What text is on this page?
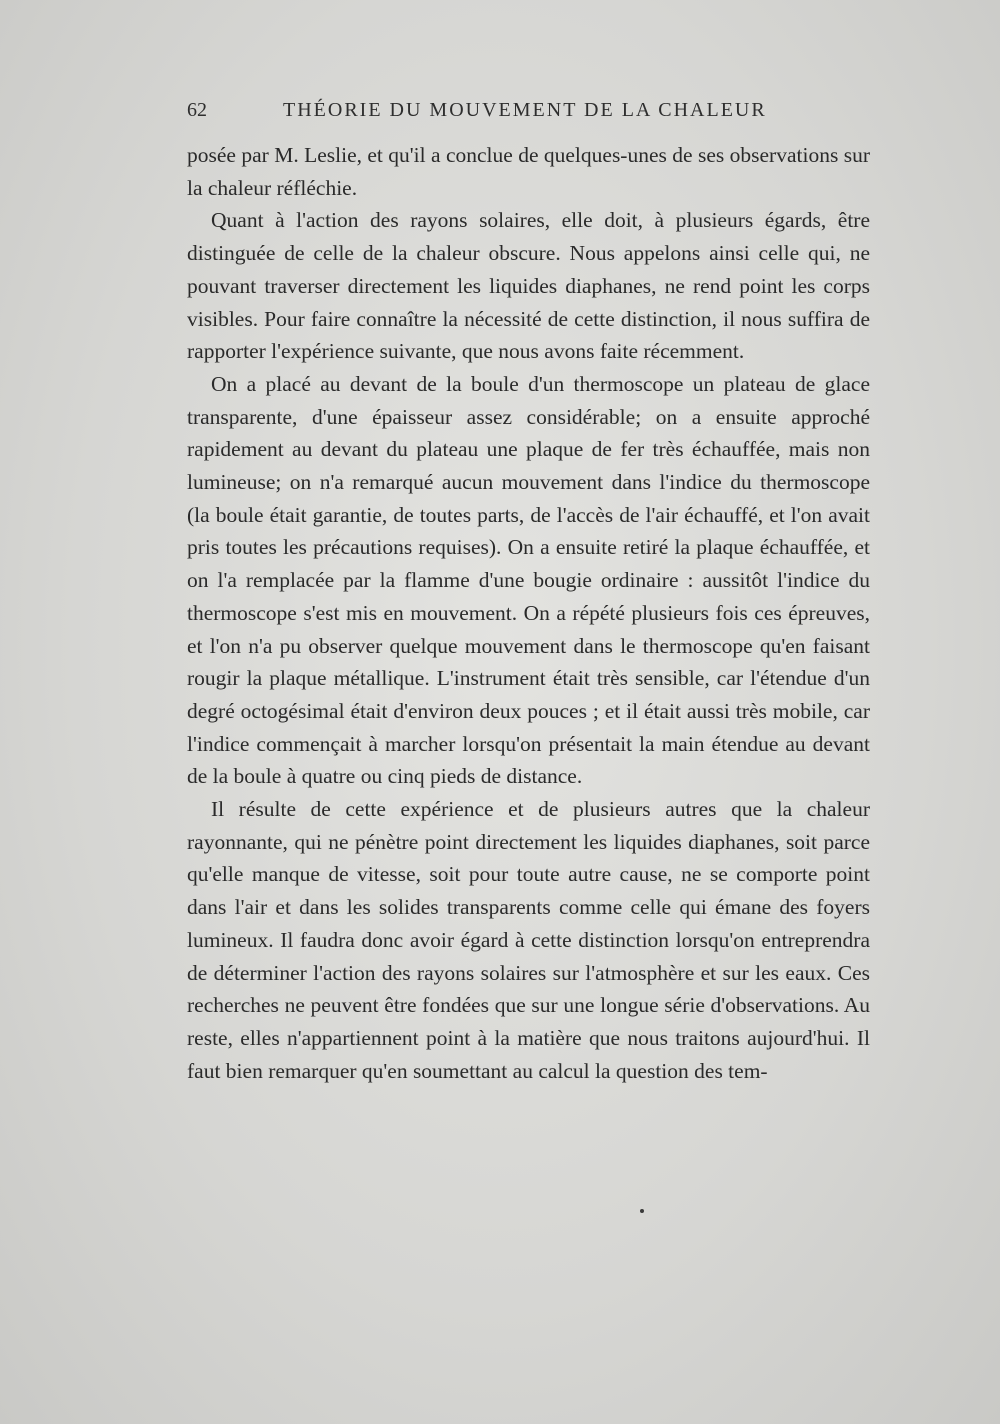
62	THÉORIE DU MOUVEMENT DE LA CHALEUR

posée par M. Leslie, et qu'il a conclue de quelques-unes de ses observations sur la chaleur réfléchie.

Quant à l'action des rayons solaires, elle doit, à plusieurs égards, être distinguée de celle de la chaleur obscure. Nous appelons ainsi celle qui, ne pouvant traverser directement les liquides diaphanes, ne rend point les corps visibles. Pour faire connaître la nécessité de cette distinction, il nous suffira de rapporter l'expérience suivante, que nous avons faite récemment.

On a placé au devant de la boule d'un thermoscope un plateau de glace transparente, d'une épaisseur assez considérable; on a ensuite approché rapidement au devant du plateau une plaque de fer très échauffée, mais non lumineuse; on n'a remarqué aucun mouvement dans l'indice du thermoscope (la boule était garantie, de toutes parts, de l'accès de l'air échauffé, et l'on avait pris toutes les précautions requises). On a ensuite retiré la plaque échauffée, et on l'a remplacée par la flamme d'une bougie ordinaire : aussitôt l'indice du thermoscope s'est mis en mouvement. On a répété plusieurs fois ces épreuves, et l'on n'a pu observer quelque mouvement dans le thermoscope qu'en faisant rougir la plaque métallique. L'instrument était très sensible, car l'étendue d'un degré octogésimal était d'environ deux pouces ; et il était aussi très mobile, car l'indice commençait à marcher lorsqu'on présentait la main étendue au devant de la boule à quatre ou cinq pieds de distance.

Il résulte de cette expérience et de plusieurs autres que la chaleur rayonnante, qui ne pénètre point directement les liquides diaphanes, soit parce qu'elle manque de vitesse, soit pour toute autre cause, ne se comporte point dans l'air et dans les solides transparents comme celle qui émane des foyers lumineux. Il faudra donc avoir égard à cette distinction lorsqu'on entreprendra de déterminer l'action des rayons solaires sur l'atmosphère et sur les eaux. Ces recherches ne peuvent être fondées que sur une longue série d'observations. Au reste, elles n'appartiennent point à la matière que nous traitons aujourd'hui. Il faut bien remarquer qu'en soumettant au calcul la question des tem-
